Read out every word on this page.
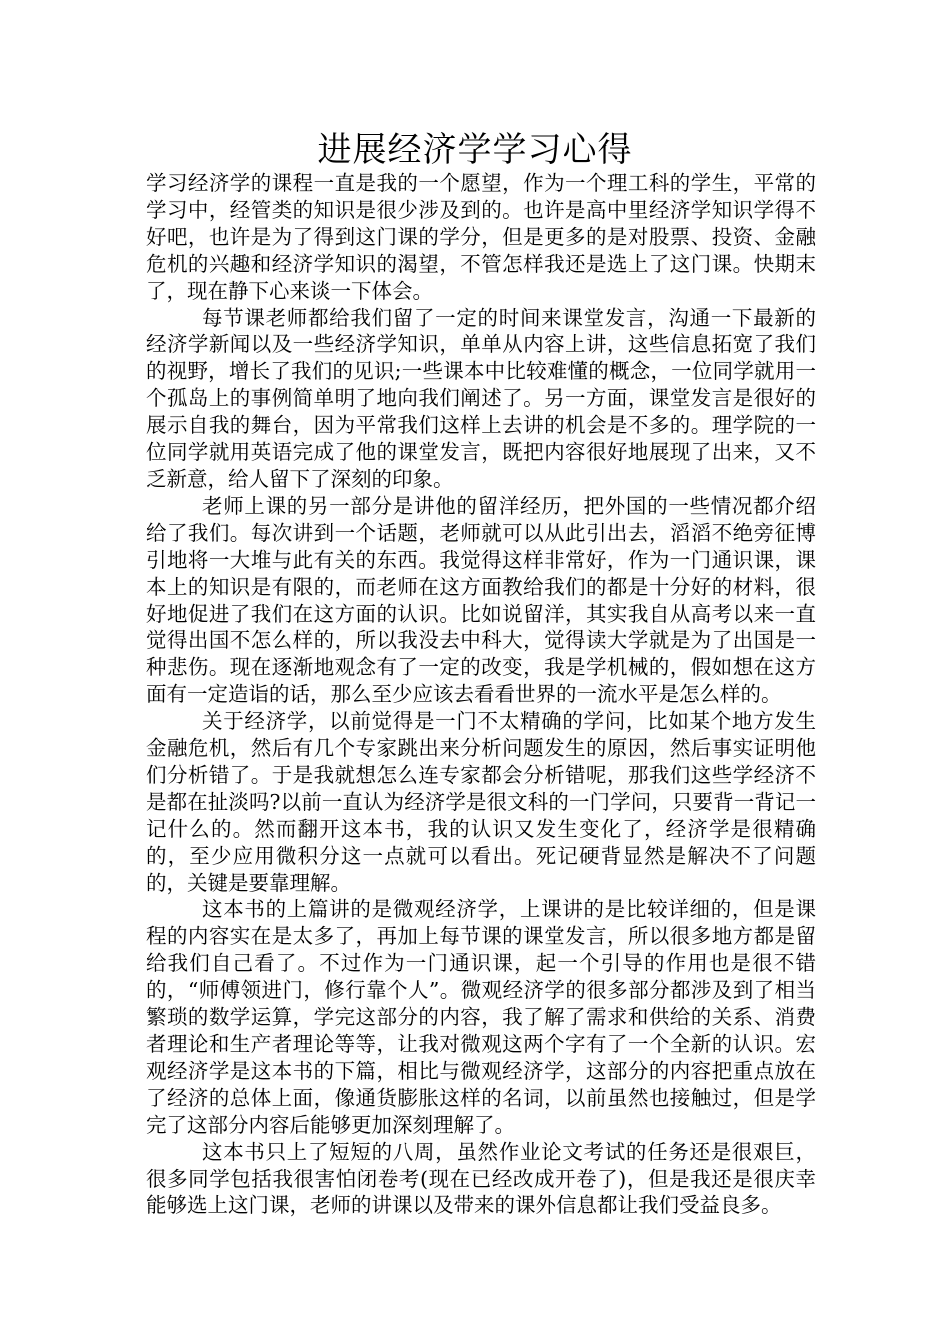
进展经济学学习心得

学习经济学的课程一直是我的一个愿望，作为一个理工科的学生，平常的学习中，经管类的知识是很少涉及到的。也许是高中里经济学知识学得不好吧，也许是为了得到这门课的学分，但是更多的是对股票、投资、金融危机的兴趣和经济学知识的渴望，不管怎样我还是选上了这门课。快期末了，现在静下心来谈一下体会。

每节课老师都给我们留了一定的时间来课堂发言，沟通一下最新的经济学新闻以及一些经济学知识，单单从内容上讲，这些信息拓宽了我们的视野，增长了我们的见识;一些课本中比较难懂的概念，一位同学就用一个孤岛上的事例简单明了地向我们阐述了。另一方面，课堂发言是很好的展示自我的舞台，因为平常我们这样上去讲的机会是不多的。理学院的一位同学就用英语完成了他的课堂发言，既把内容很好地展现了出来，又不乏新意，给人留下了深刻的印象。

老师上课的另一部分是讲他的留洋经历，把外国的一些情况都介绍给了我们。每次讲到一个话题，老师就可以从此引出去，滔滔不绝旁征博引地将一大堆与此有关的东西。我觉得这样非常好，作为一门通识课，课本上的知识是有限的，而老师在这方面教给我们的都是十分好的材料，很好地促进了我们在这方面的认识。比如说留洋，其实我自从高考以来一直觉得出国不怎么样的，所以我没去中科大，觉得读大学就是为了出国是一种悲伤。现在逐渐地观念有了一定的改变，我是学机械的，假如想在这方面有一定造诣的话，那么至少应该去看看世界的一流水平是怎么样的。

关于经济学，以前觉得是一门不太精确的学问，比如某个地方发生金融危机，然后有几个专家跳出来分析问题发生的原因，然后事实证明他们分析错了。于是我就想怎么连专家都会分析错呢，那我们这些学经济不是都在扯淡吗?以前一直认为经济学是很文科的一门学问，只要背一背记一记什么的。然而翻开这本书，我的认识又发生变化了，经济学是很精确的，至少应用微积分这一点就可以看出。死记硬背显然是解决不了问题的，关键是要靠理解。

这本书的上篇讲的是微观经济学，上课讲的是比较详细的，但是课程的内容实在是太多了，再加上每节课的课堂发言，所以很多地方都是留给我们自己看了。不过作为一门通识课，起一个引导的作用也是很不错的，“师傅领进门，修行靠个人”。微观经济学的很多部分都涉及到了相当繁琐的数学运算，学完这部分的内容，我了解了需求和供给的关系、消费者理论和生产者理论等等，让我对微观这两个字有了一个全新的认识。宏观经济学是这本书的下篇，相比与微观经济学，这部分的内容把重点放在了经济的总体上面，像通货膨胀这样的名词，以前虽然也接触过，但是学完了这部分内容后能够更加深刻理解了。

这本书只上了短短的八周，虽然作业论文考试的任务还是很艰巨，很多同学包括我很害怕闭卷考(现在已经改成开卷了)，但是我还是很庆幸能够选上这门课，老师的讲课以及带来的课外信息都让我们受益良多。
